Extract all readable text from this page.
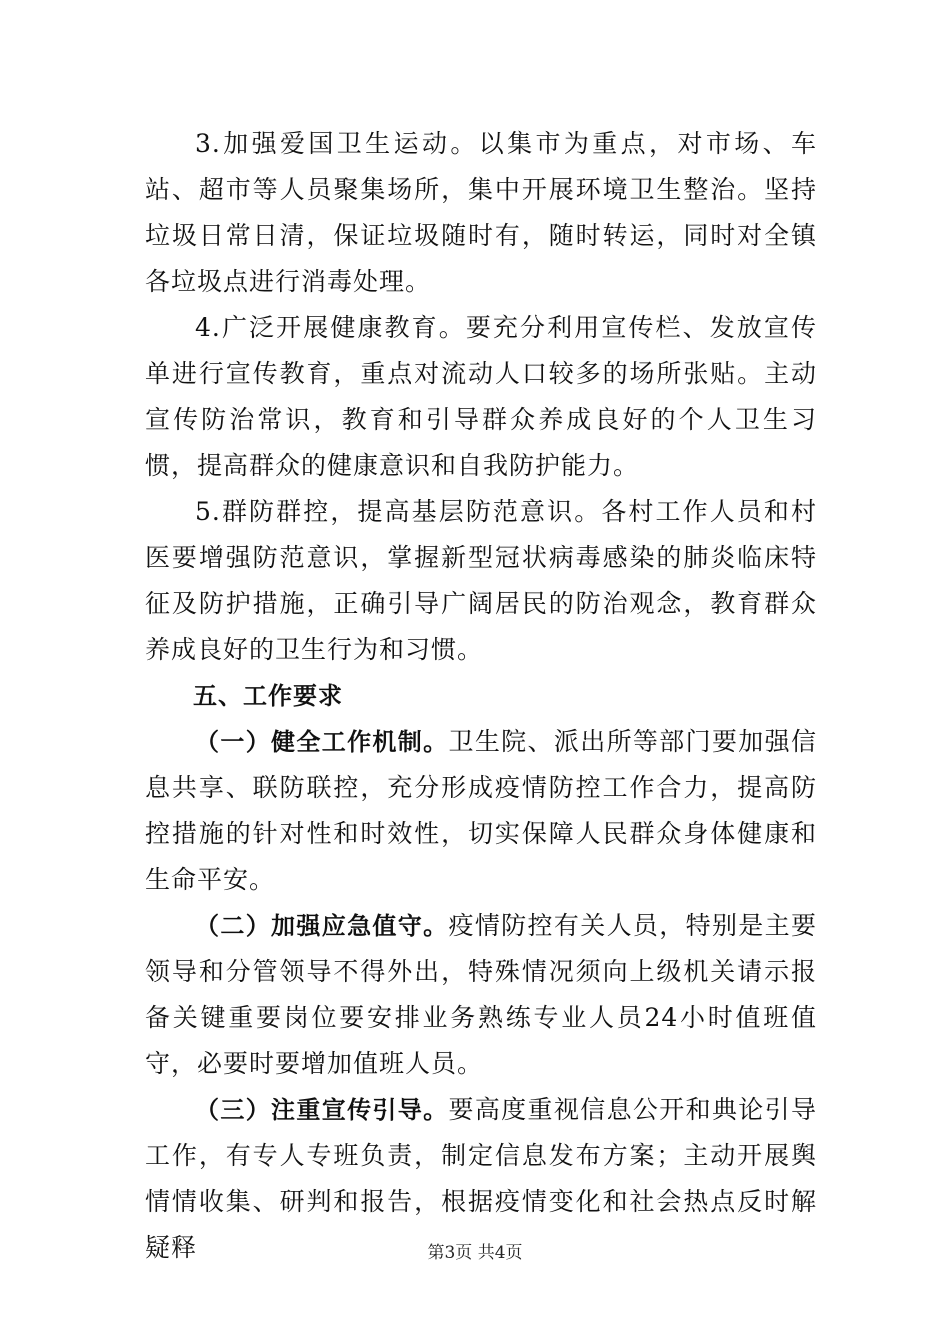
3.加强爱国卫生运动。以集市为重点，对市场、车站、超市等人员聚集场所，集中开展环境卫生整治。坚持垃圾日常日清，保证垃圾随时有，随时转运，同时对全镇各垃圾点进行消毒处理。

4.广泛开展健康教育。要充分利用宣传栏、发放宣传单进行宣传教育，重点对流动人口较多的场所张贴。主动宣传防治常识，教育和引导群众养成良好的个人卫生习惯，提高群众的健康意识和自我防护能力。

5.群防群控，提高基层防范意识。各村工作人员和村医要增强防范意识，掌握新型冠状病毒感染的肺炎临床特征及防护措施，正确引导广阔居民的防治观念，教育群众养成良好的卫生行为和习惯。

五、工作要求

（一）健全工作机制。卫生院、派出所等部门要加强信息共享、联防联控，充分形成疫情防控工作合力，提高防控措施的针对性和时效性，切实保障人民群众身体健康和生命平安。

（二）加强应急值守。疫情防控有关人员，特别是主要领导和分管领导不得外出，特殊情况须向上级机关请示报备关键重要岗位要安排业务熟练专业人员24小时值班值守，必要时要增加值班人员。

（三）注重宣传引导。要高度重视信息公开和典论引导工作，有专人专班负责，制定信息发布方案；主动开展舆情情收集、研判和报告，根据疫情变化和社会热点反时解疑释	第3页 共4页
